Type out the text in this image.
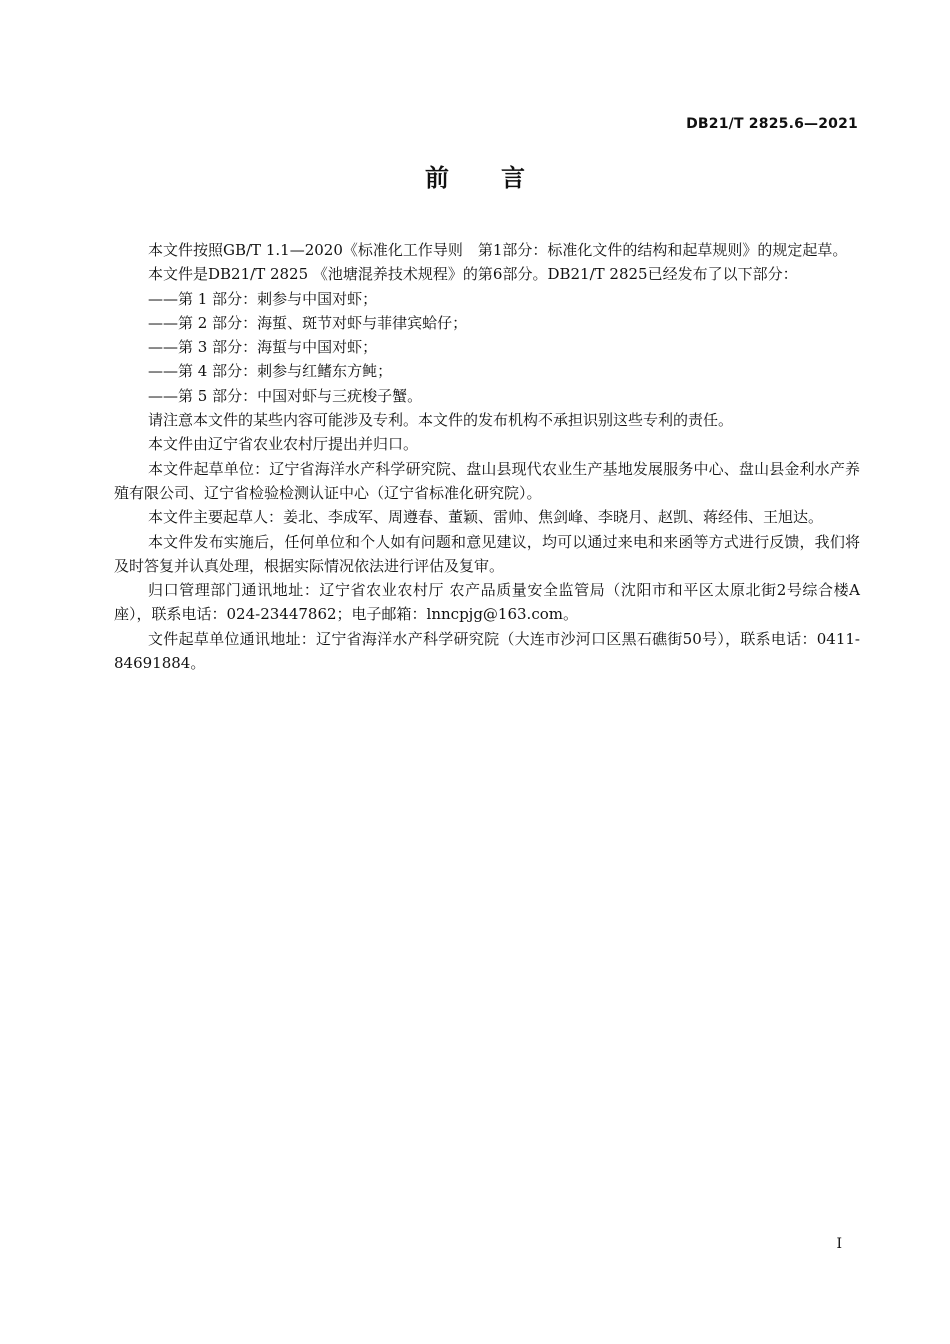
DB21/T 2825.6—2021
前 言

本文件按照GB/T 1.1—2020《标准化工作导则　第1部分：标准化文件的结构和起草规则》的规定起草。

本文件是DB21/T 2825 《池塘混养技术规程》的第6部分。DB21/T 2825已经发布了以下部分：

——第 1 部分：刺参与中国对虾；

——第 2 部分：海蜇、斑节对虾与菲律宾蛤仔；

——第 3 部分：海蜇与中国对虾；

——第 4 部分：刺参与红鳍东方鲀；

——第 5 部分：中国对虾与三疣梭子蟹。

请注意本文件的某些内容可能涉及专利。本文件的发布机构不承担识别这些专利的责任。

本文件由辽宁省农业农村厅提出并归口。

本文件起草单位：辽宁省海洋水产科学研究院、盘山县现代农业生产基地发展服务中心、盘山县金利水产养殖有限公司、辽宁省检验检测认证中心（辽宁省标准化研究院）。

本文件主要起草人：姜北、李成军、周遵春、董颖、雷帅、焦剑峰、李晓月、赵凯、蒋经伟、王旭达。

本文件发布实施后，任何单位和个人如有问题和意见建议，均可以通过来电和来函等方式进行反馈，我们将及时答复并认真处理，根据实际情况依法进行评估及复审。

归口管理部门通讯地址：辽宁省农业农村厅 农产品质量安全监管局（沈阳市和平区太原北街2号综合楼A座），联系电话：024-23447862；电子邮箱：lnncpjg@163.com。

文件起草单位通讯地址：辽宁省海洋水产科学研究院（大连市沙河口区黑石礁街50号），联系电话：0411-84691884。

I
